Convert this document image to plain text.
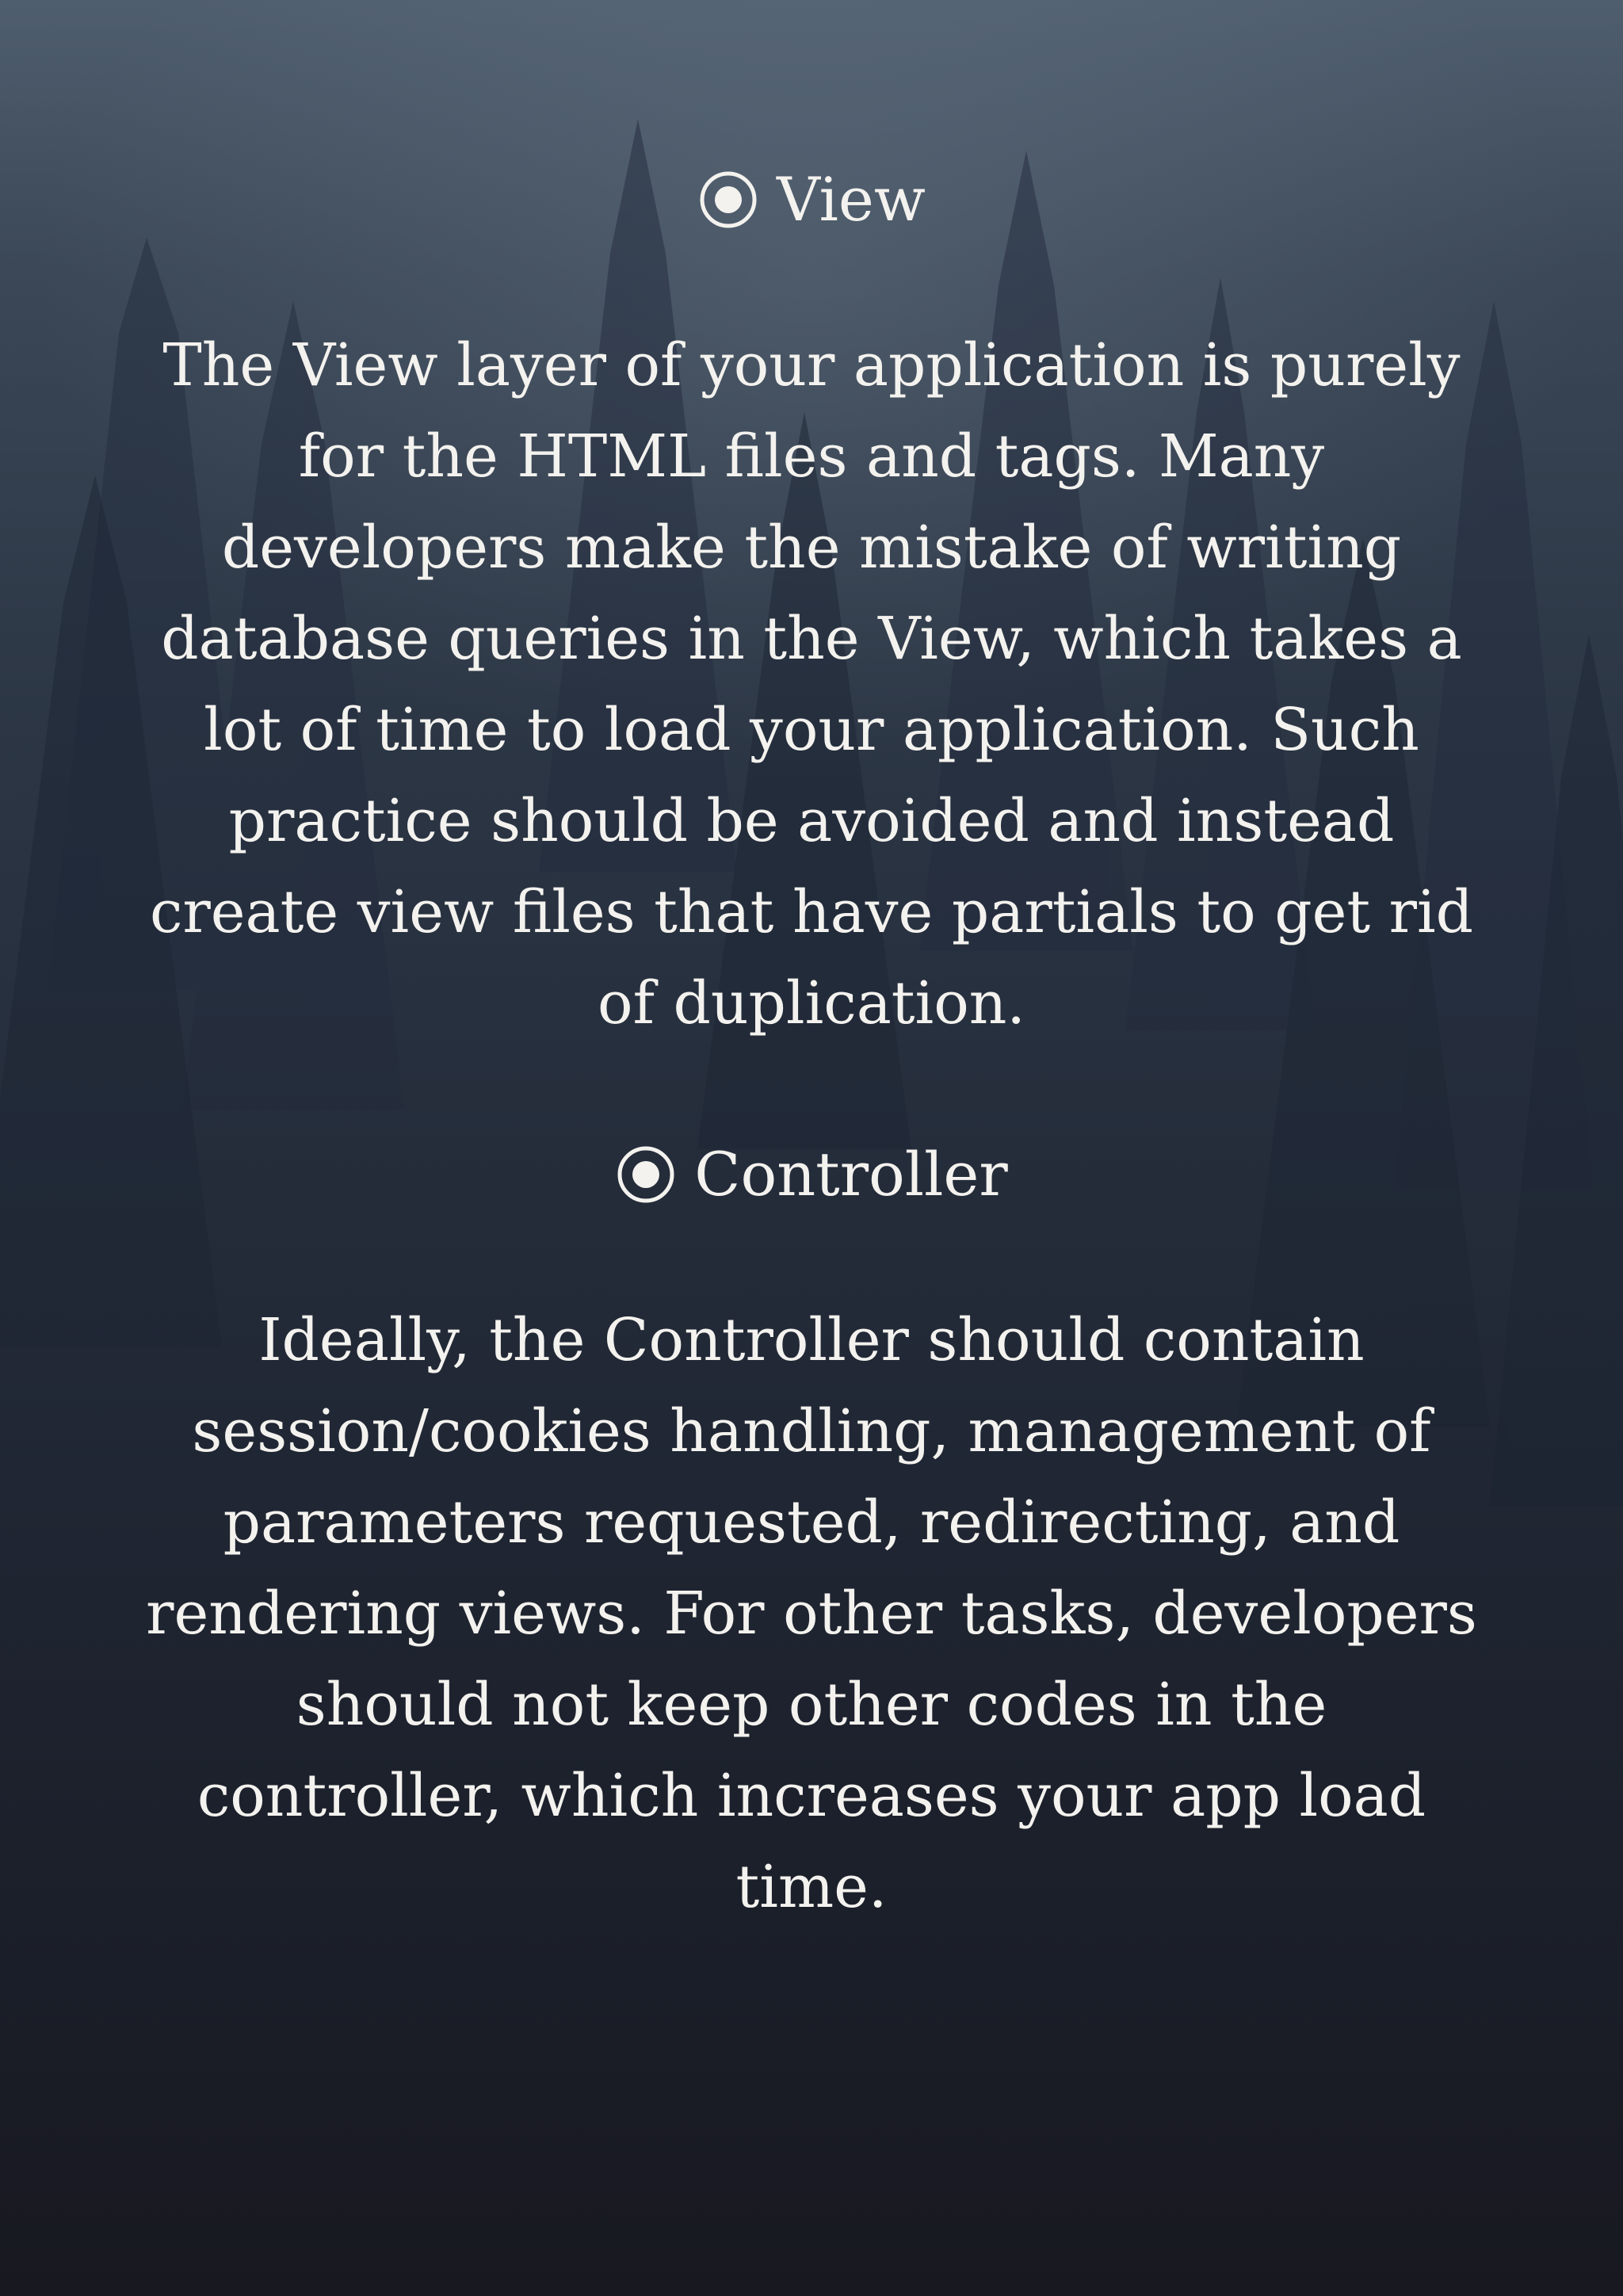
View

The View layer of your application is purely for the HTML files and tags. Many developers make the mistake of writing database queries in the View, which takes a lot of time to load your application. Such practice should be avoided and instead create view files that have partials to get rid of duplication.

Controller

Ideally, the Controller should contain session/cookies handling, management of parameters requested, redirecting, and rendering views. For other tasks, developers should not keep other codes in the controller, which increases your app load time.
